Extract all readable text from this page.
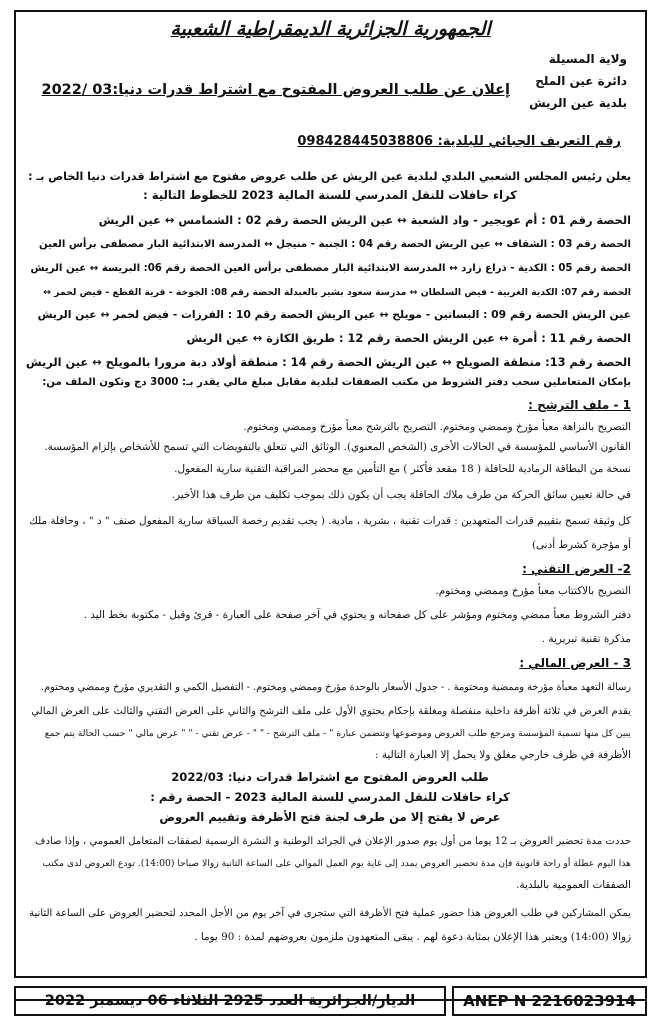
الجمهورية الجزائرية الديمقراطية الشعبية
ولاية المسيلة
دائرة عين الملح
بلدية عين الريش
إعلان عن طلب العروض المفتوح مع اشتراط قدرات دنيا:03 /2022
رقم التعريف الجبائي للبلدية: 098428445038806
يعلن رئيس المجلس الشعبي البلدي لبلدية عين الريش عن طلب عروض مفتوح مع اشتراط قدرات دنيا الخاص بـ :
كراء حافلات للنقل المدرسي للسنة المالية 2023 للخطوط التالية :
الحصة رقم 01 : أم عويجير - واد الشعبة ↔ عين الريش الحصة رقم 02 : الشمامس ↔ عين الريش
الحصة رقم 03 : الشقاف ↔ عين الريش الحصة رقم 04 : الجنبة - منيجل ↔ المدرسة الابتدائية البار مصطفى برأس العين
الحصة رقم 05 : الكدية - ذراع زارد ↔ المدرسة الابتدائية البار مصطفى برأس العين الحصة رقم 06: البريسة ↔ عين الريش
الحصة رقم 07: الكدية الغربية - فيض السلطان ↔ مدرسة سعود بشير بالعبدلة الحصة رقم 08: الجوخة - قرية القطع - فيض لحمر ↔
عين الريش الحصة رقم 09 : البساتين - مويلح ↔ عين الريش الحصة رقم 10 : الفرزات - فيض لحمر ↔ عين الريش
الحصة رقم 11 : أمرة ↔ عين الريش الحصة رقم 12 : طريق الكازة ↔ عين الريش
الحصة رقم 13: منطقة الصويلح ↔ عين الريش الحصة رقم 14 : منطقة أولاد دبة مرورا بالمويلح ↔ عين الريش
بإمكان المتعاملين سحب دفتر الشروط من مكتب الصفقات لبلدية مقابل مبلغ مالي يقدر بـ: 3000 دج وتكون الملف من:
1 - ملف الترشح :
التصريح بالنزاهة معبأ مؤرخ وممضي ومختوم. التصريح بالترشح معبأ مؤرخ وممضي ومختوم.
القانون الأساسي للمؤسسة في الحالات الأخرى (الشخص المعنوي). الوثائق التي تتعلق بالتفويضات التي تسمح للأشخاص بإلزام المؤسسة.
نسخة من البطاقة الرمادية للحافلة ( 18 مقعد فأكثر ) مع التأمين مع محضر المراقبة التقنية سارية المفعول.
في حالة تعيين سائق الحركة من طرف ملاك الحافلة يجب أن يكون ذلك بموجب تكليف من طرف هذا الأخير.
كل وثيقة تسمح بتقييم قدرات المتعهدين : قدرات تقنية ، بشرية ، مادية. ( يجب تقديم رخصة السياقة سارية المفعول صنف " د " ، وحافلة ملك
أو مؤجرة كشرط أدنى)
2- العرض التقني :
التصريح بالاكتتاب معبأ مؤرخ وممضي ومختوم.
دفتر الشروط معبأ ممضي ومختوم ومؤشر على كل صفحاته و يحتوي في آخر صفحة على العبارة - قرئ وقبل - مكتوبة بخط اليد .
مذكرة تقنية تبريرية .
3 - العرض المالي :
رسالة التعهد معبأة مؤرخة وممضية ومختومة . - جدول الأسعار بالوحدة مؤرخ وممضي ومختوم. - التفصيل الكمي و التقديري مؤرخ وممضي ومختوم.
يقدم العرض في ثلاثة أظرفة داخلية منفصلة ومغلقة بإحكام يحتوي الأول على ملف الترشح والثاني على العرض التقني والثالث على العرض المالي
يبين كل منها تسمية المؤسسة ومرجع طلب العروض وموضوعها وتتضمن عبارة " - ملف الترشح - " " - عرض تقني - " " عرض مالي " حسب الحالة يتم جمع
الأظرفة في ظرف خارجي مغلق ولا يحمل إلا العبارة التالية :
طلب العروض المفتوح مع اشتراط قدرات دنيا: 2022/03
كراء حافلات للنقل المدرسي للسنة المالية 2023 - الحصة رقم :
عرض لا يفتح إلا من طرف لجنة فتح الأظرفة وتقييم العروض
حددت مدة تحضير العروض بـ 12 يوما من أول يوم صدور الإعلان في الجرائد الوطنية و النشرة الرسمية لصفقات المتعامل العمومي ، وإذا صادف
هذا اليوم عطلة أو راحة قانونية فإن مدة تحضير العروض يمدد إلى غاية يوم العمل الموالي على الساعة الثانية زوالا صباحا (14:00). تودع العروض لدى مكتب
الصفقات العمومية بالبلدية.
يمكن المشاركين في طلب العروض هذا حضور عملية فتح الأظرفة التي ستجرى في آخر يوم من الأجل المحدد لتحضير العروض على الساعة الثانية
زوالا (14:00) ويعتبر هذا الإعلان بمثابة دعوة لهم . يبقى المتعهدون ملزمون بعروضهم لمدة : 90 يوما .
الديار/الجزائرية العدد 2925 الثلاثاء 06 ديسمبر 2022	ANEP N 2216023914
